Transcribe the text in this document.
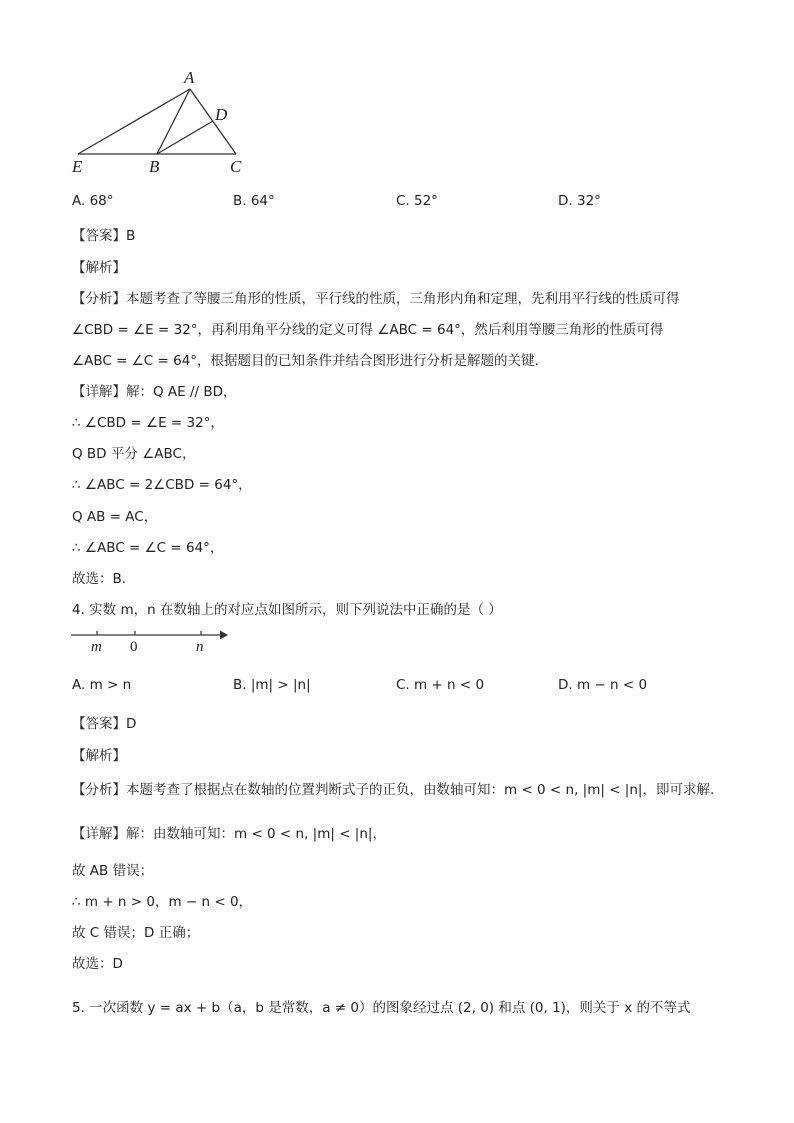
A
D
E	B	C
A. 68°	B. 64°	C. 52°	D. 32°
【答案】B
【解析】
【分析】本题考查了等腰三角形的性质，平行线的性质，三角形内角和定理，先利用平行线的性质可得
∠CBD = ∠E = 32°，再利用角平分线的定义可得 ∠ABC = 64°，然后利用等腰三角形的性质可得
∠ABC = ∠C = 64°，根据题目的已知条件并结合图形进行分析是解题的关键.
【详解】解：Q AE // BD，
∴ ∠CBD = ∠E = 32°，
Q BD 平分 ∠ABC，
∴ ∠ABC = 2∠CBD = 64°，
Q AB = AC，
∴ ∠ABC = ∠C = 64°，
故选：B.
4. 实数 m，n 在数轴上的对应点如图所示，则下列说法中正确的是（ ）
m 0	n
A. m > n	B. |m| > |n|	C. m + n < 0	D. m − n < 0
【答案】D
【解析】
【分析】本题考查了根据点在数轴的位置判断式子的正负，由数轴可知：m < 0 < n, |m| < |n|，即可求解.
【详解】解：由数轴可知：m < 0 < n, |m| < |n|，
故 AB 错误；
∴ m + n > 0，m − n < 0，
故 C 错误；D 正确；
故选：D
5. 一次函数 y = ax + b（a，b 是常数，a ≠ 0）的图象经过点 (2, 0) 和点 (0, 1)，则关于 x 的不等式
